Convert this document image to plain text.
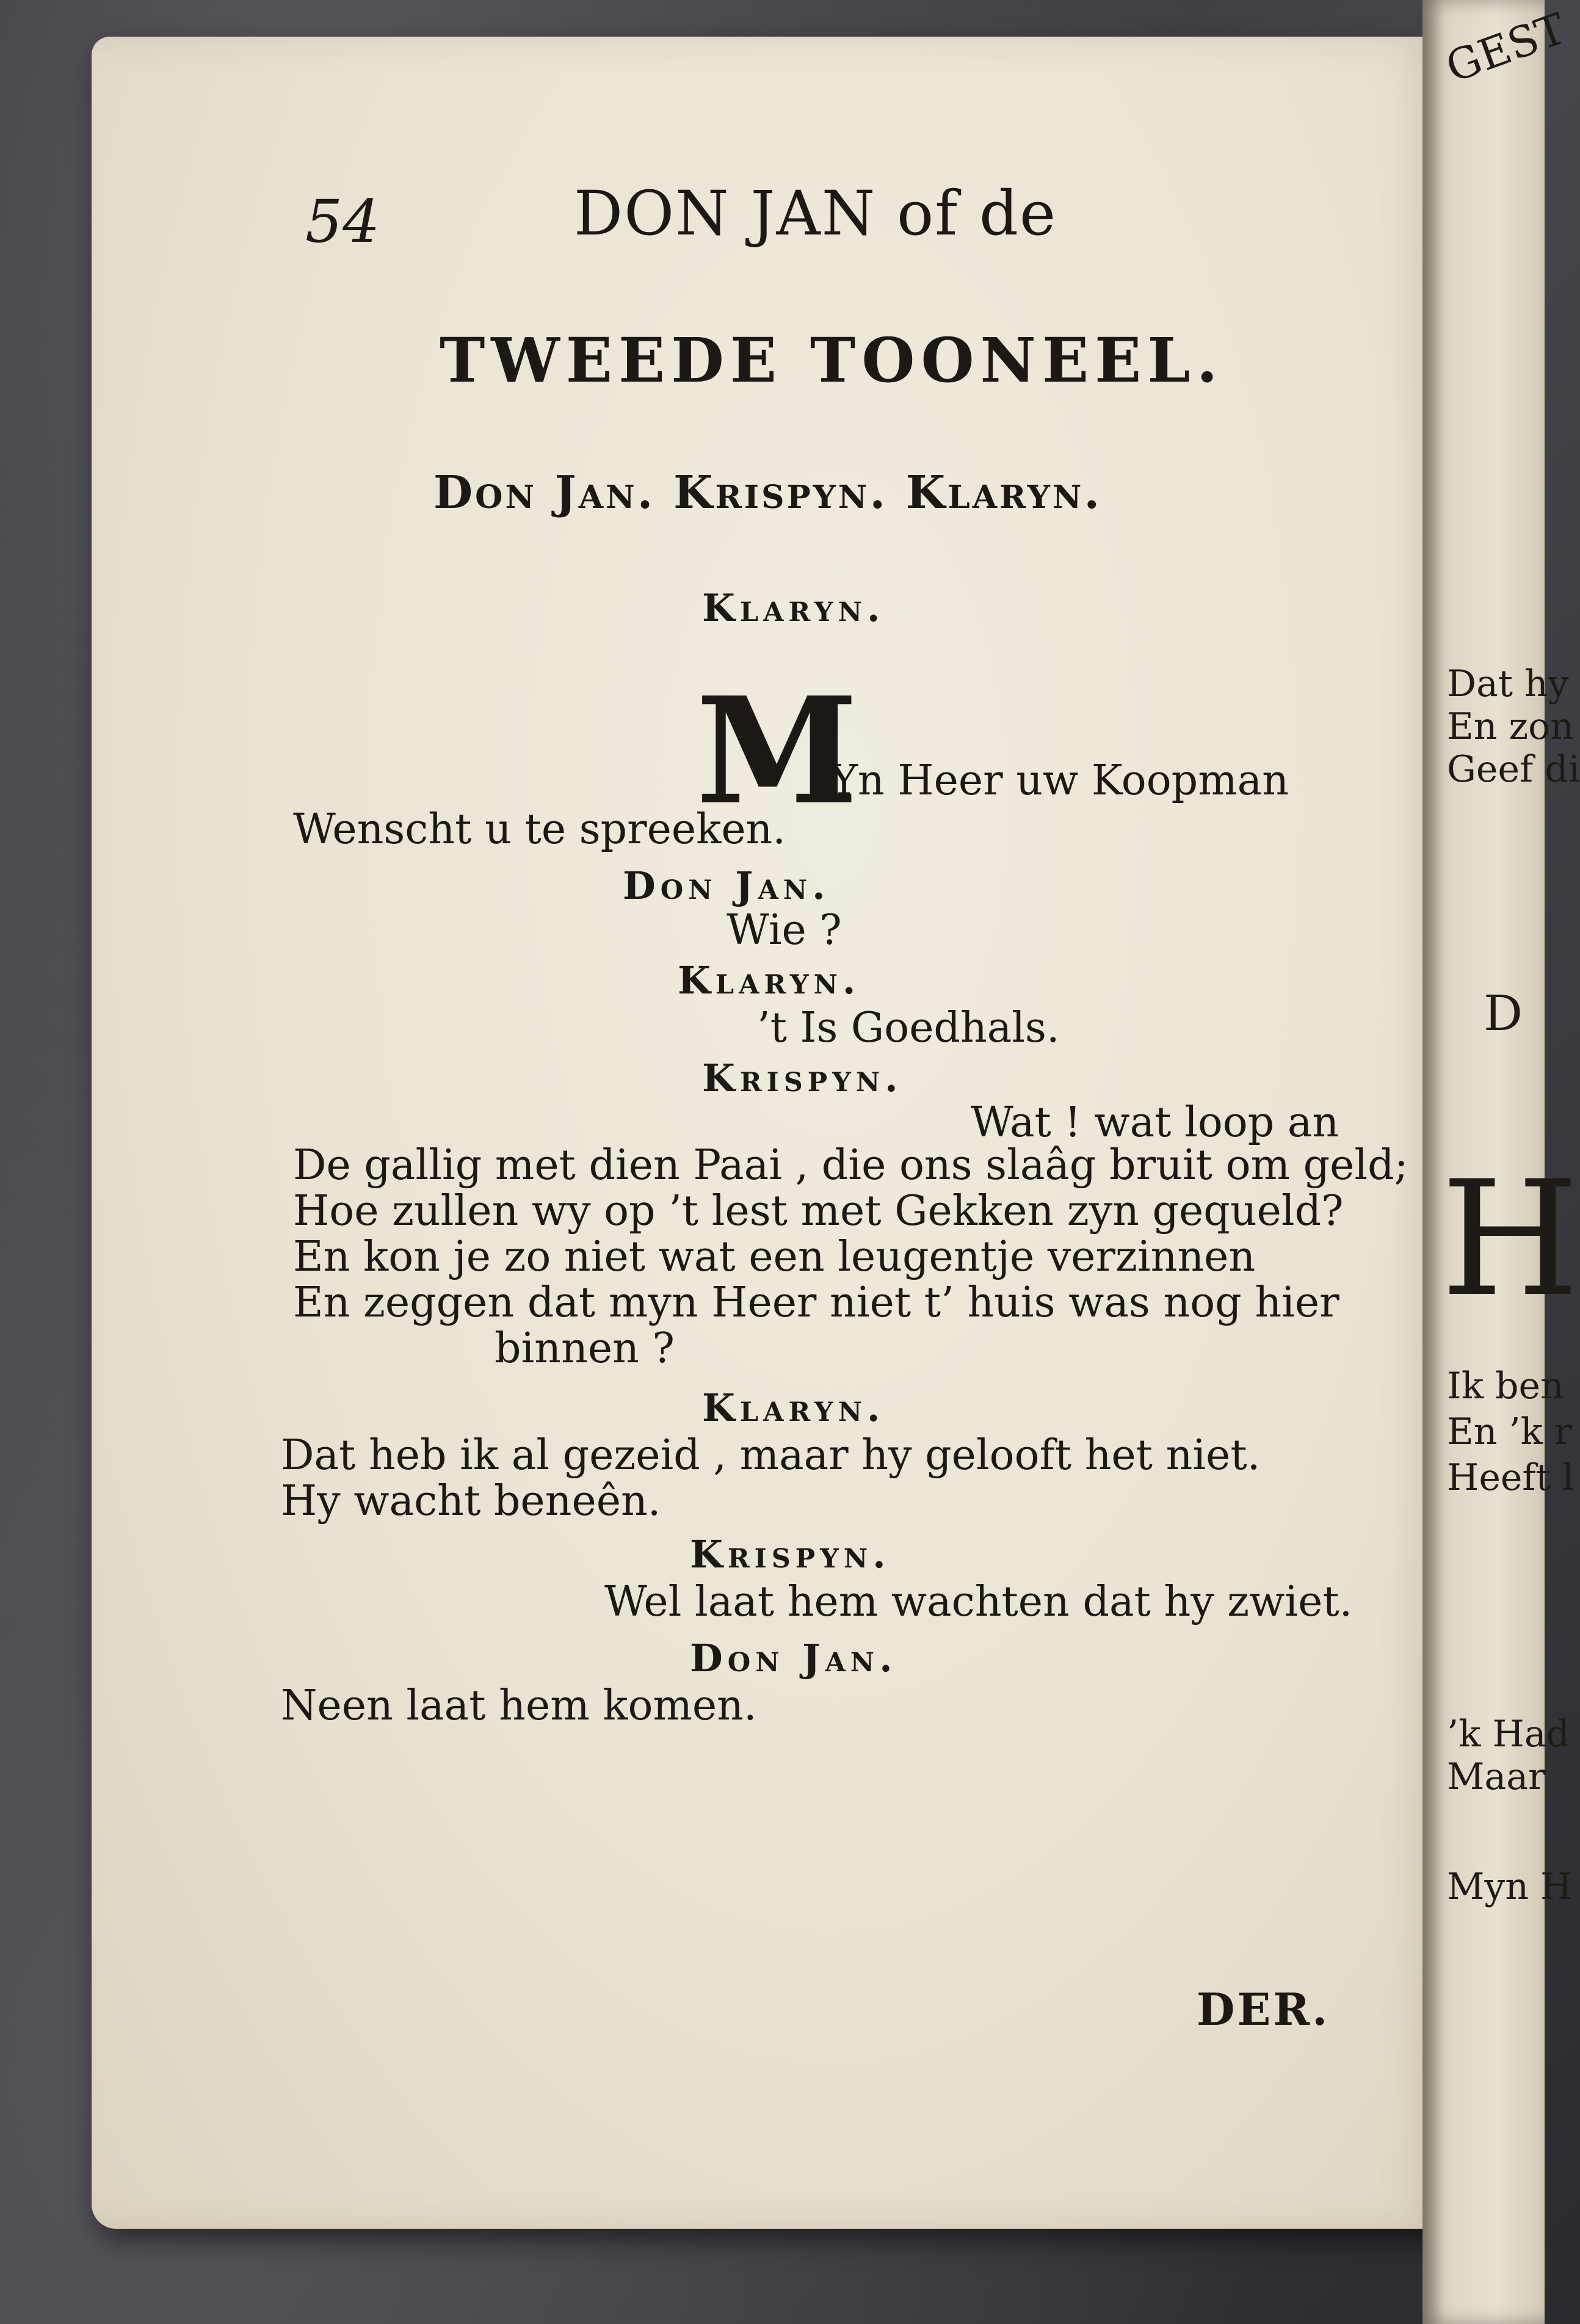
54	DON JAN of de
TWEEDE TOONEEL.
Don Jan. Krispyn. Klaryn.
Klaryn.
M
Yn Heer uw Koopman
Wenscht u te spreeken.
Don Jan.
Wie ?
Klaryn.
’t Is Goedhals.
Krispyn.
Wat ! wat loop an
De gallig met dien Paai , die ons slaâg bruit om geld;
Hoe zullen wy op ’t lest met Gekken zyn gequeld?
En kon je zo niet wat een leugentje verzinnen
En zeggen dat myn Heer niet t’ huis was nog hier
binnen ?
Klaryn.
Dat heb ik al gezeid , maar hy gelooft het niet.
Hy wacht beneên.
Krispyn.
Wel laat hem wachten dat hy zwiet.
Don Jan.
Neen laat hem komen.
DER.
GEST
Dat hy
En zon
Geef di
D
H
Ik ben
En ’k r
Heeft l
’k Had
Maar
Myn H
